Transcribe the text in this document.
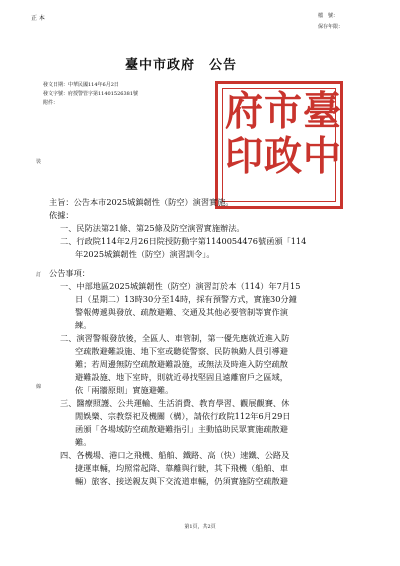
正 本	檔　號：
保存年限：
臺中市政府　公告
發文日期：中華民國114年6月2日
發文字號：府授警管字第11401526381號
附件：
裝
訂
線
臺
中
市
政
府
印
主旨：公告本市2025城鎮韌性（防空）演習實施。
依據：
一、民防法第21條、第25條及防空演習實施辦法。
二、行政院114年2月26日院授防動字第1140054476號函頒「114
年2025城鎮韌性（防空）演習訓令」。
公告事項：
一、中部地區2025城鎮韌性（防空）演習訂於本（114）年7月15
日（星期二）13時30分至14時，採有預警方式，實施30分鐘
警報傳遞與發放、疏散避難、交通及其他必要管制等實作演
練。
二、演習警報發放後，全區人、車管制，第一優先應就近進入防
空疏散避難設施、地下室或聽從警察、民防執勤人員引導避
難；若周邊無防空疏散避難設施，或無法及時進入防空疏散
避難設施、地下室時，則就近尋找堅固且遠離窗戶之區域，
依「兩牆原則」實施避難。
三、醫療照護、公共運輸、生活消費、教育學習、觀展觀賽、休
閒娛樂、宗教祭祀及機關（構），請依行政院112年6月29日
函頒「各場域防空疏散避難指引」主動協助民眾實施疏散避
難。
四、各機場、港口之飛機、船舶、鐵路、高（快）速鐵、公路及
捷運車輛，均照常起降、靠離與行駛，其下飛機（船舶、車
輛）旅客、接送親友與下交流道車輛，仍須實施防空疏散避
第1頁，共2頁
